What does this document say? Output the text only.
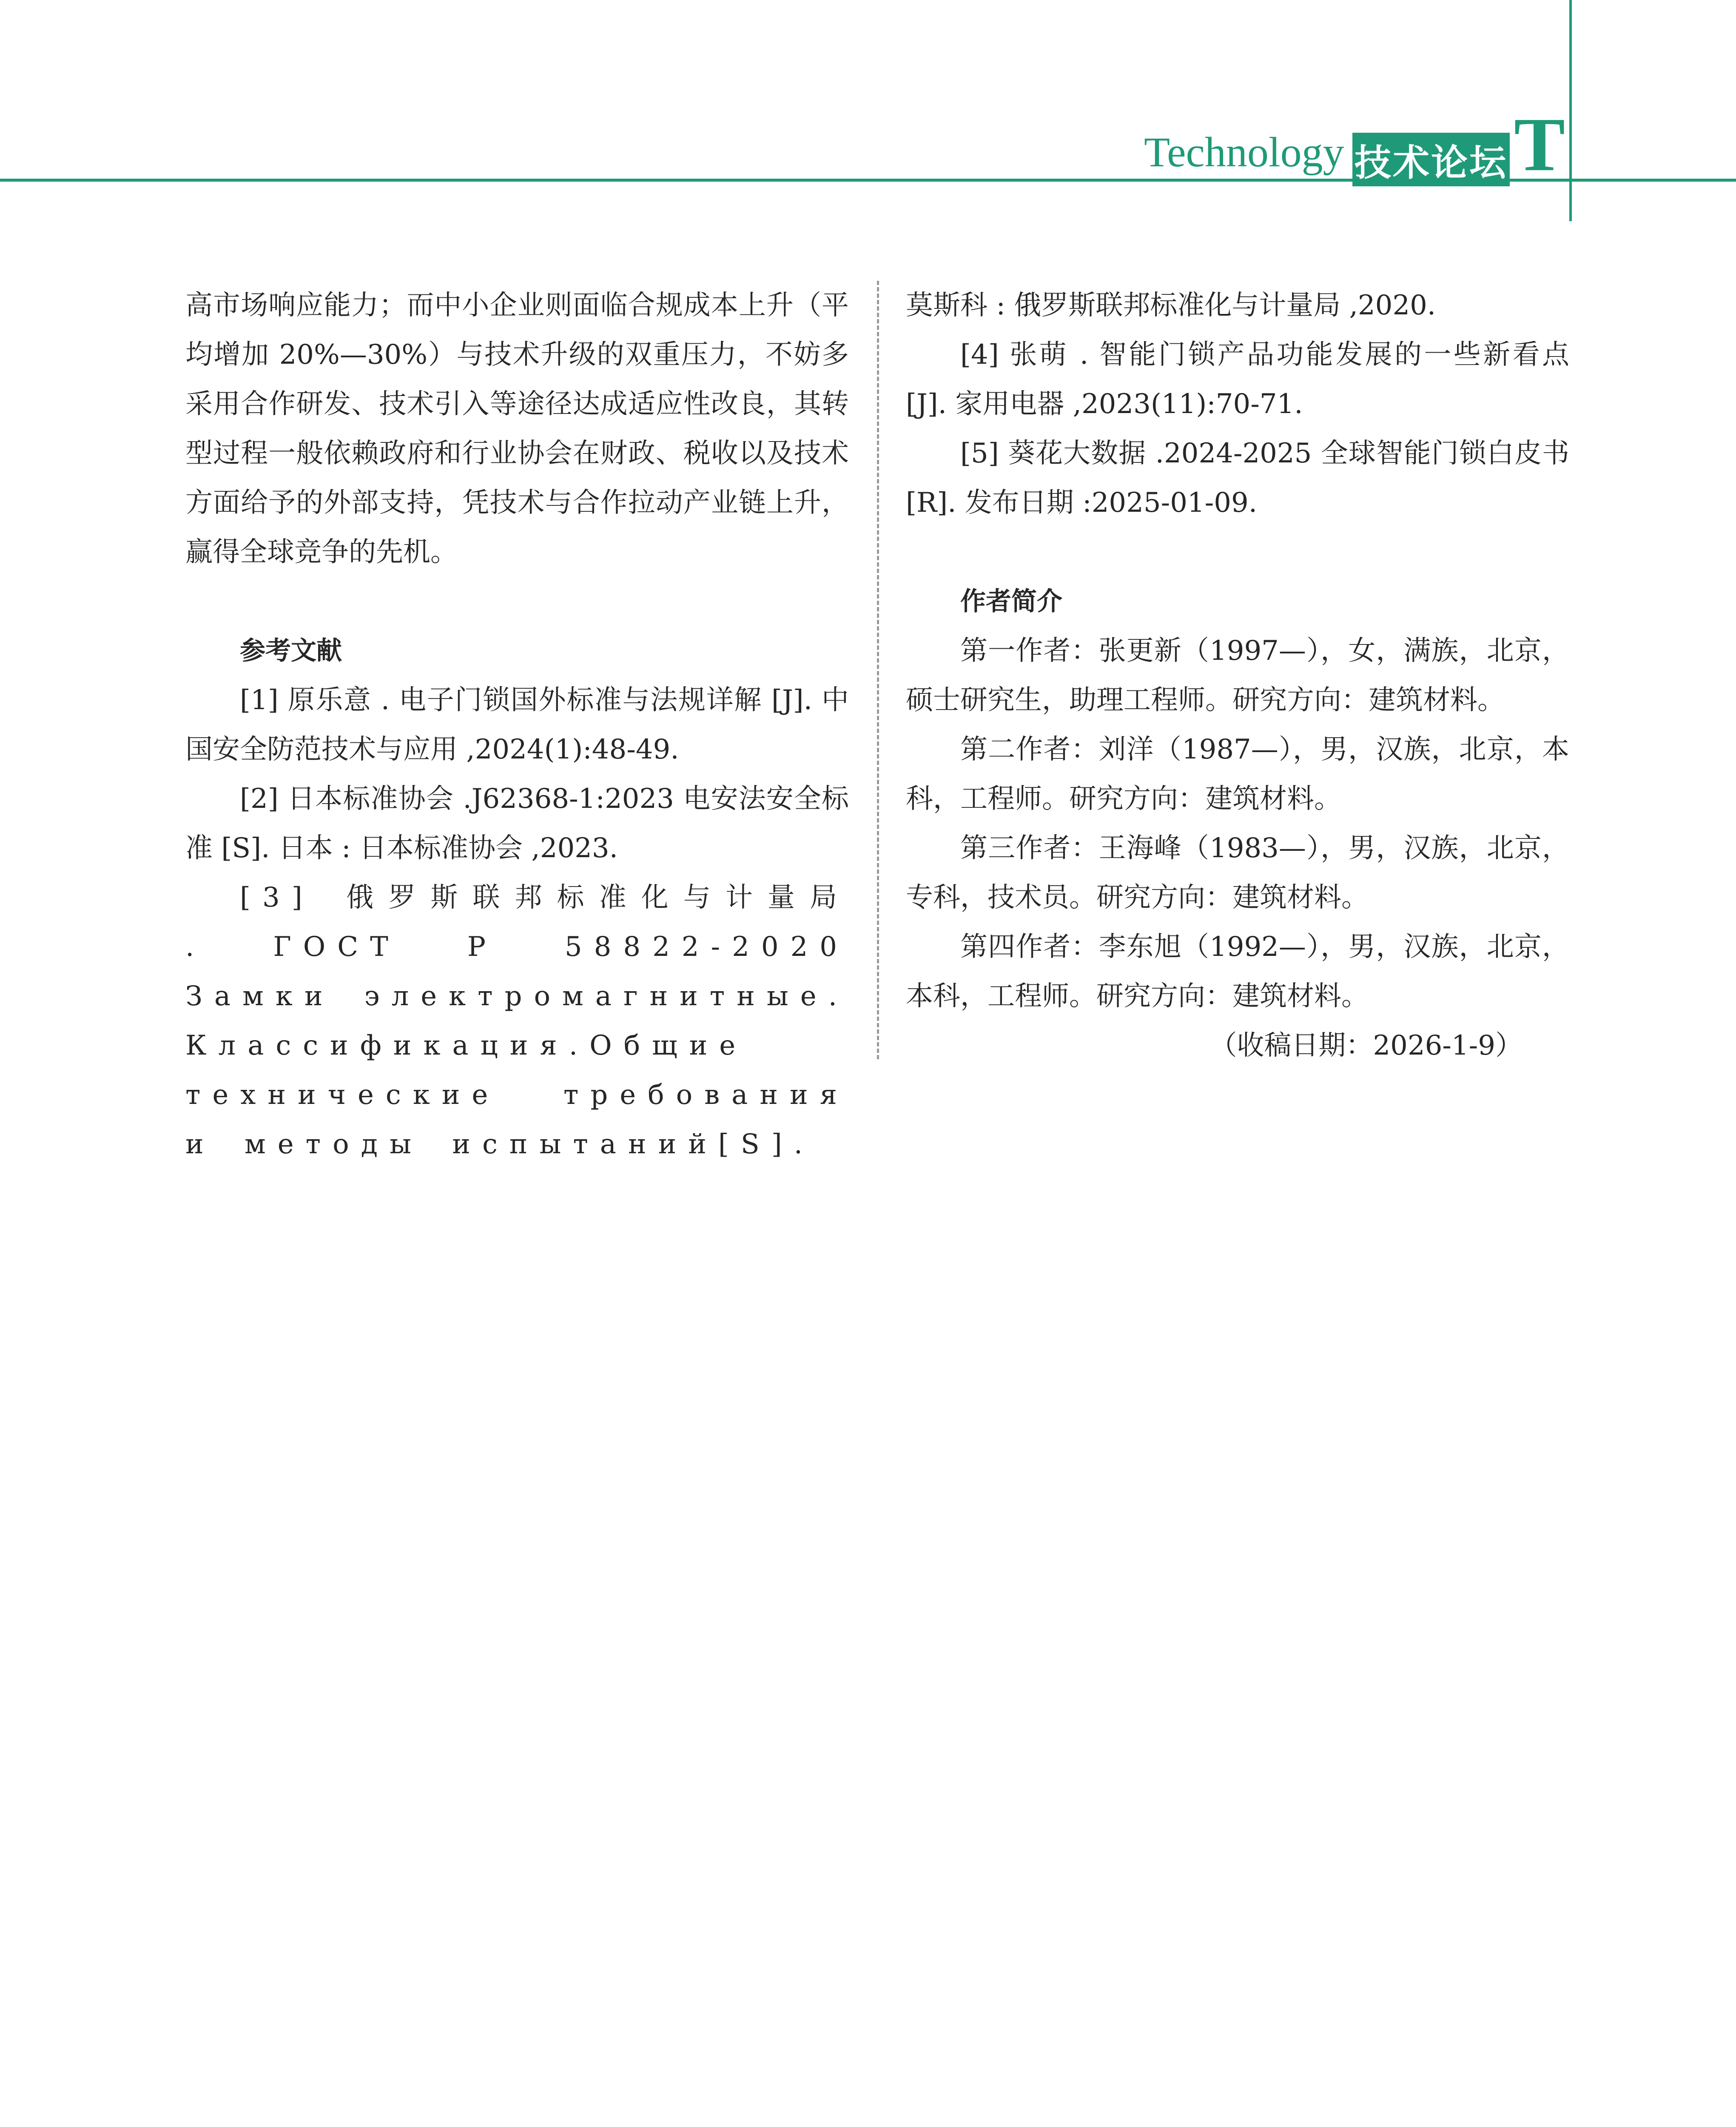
Technology 技术论坛 T

高市场响应能力；而中小企业则面临合规成本上升（平均增加 20%—30%）与技术升级的双重压力，不妨多采用合作研发、技术引入等途径达成适应性改良，其转型过程一般依赖政府和行业协会在财政、税收以及技术方面给予的外部支持，凭技术与合作拉动产业链上升，赢得全球竞争的先机。

参考文献

[1] 原乐意 . 电子门锁国外标准与法规详解 [J]. 中国安全防范技术与应用 ,2024(1):48-49.

[2] 日本标准协会 .J62368-1:2023 电安法安全标准 [S]. 日本 : 日本标准协会 ,2023.

[3] 俄罗斯联邦标准化与计量局 . ГОСТ Р 58822-2020 Замки электромагнитные. Классификация.Общие технические требования и методы испытаний[S].

莫斯科 : 俄罗斯联邦标准化与计量局 ,2020.

[4] 张萌 . 智能门锁产品功能发展的一些新看点 [J]. 家用电器 ,2023(11):70-71.

[5] 葵花大数据 .2024-2025 全球智能门锁白皮书 [R]. 发布日期 :2025-01-09.

作者简介

第一作者：张更新（1997—），女，满族，北京，硕士研究生，助理工程师。研究方向：建筑材料。

第二作者：刘洋（1987—），男，汉族，北京，本科，工程师。研究方向：建筑材料。

第三作者：王海峰（1983—），男，汉族，北京，专科，技术员。研究方向：建筑材料。

第四作者：李东旭（1992—），男，汉族，北京，本科，工程师。研究方向：建筑材料。

（收稿日期：2026-1-9）
